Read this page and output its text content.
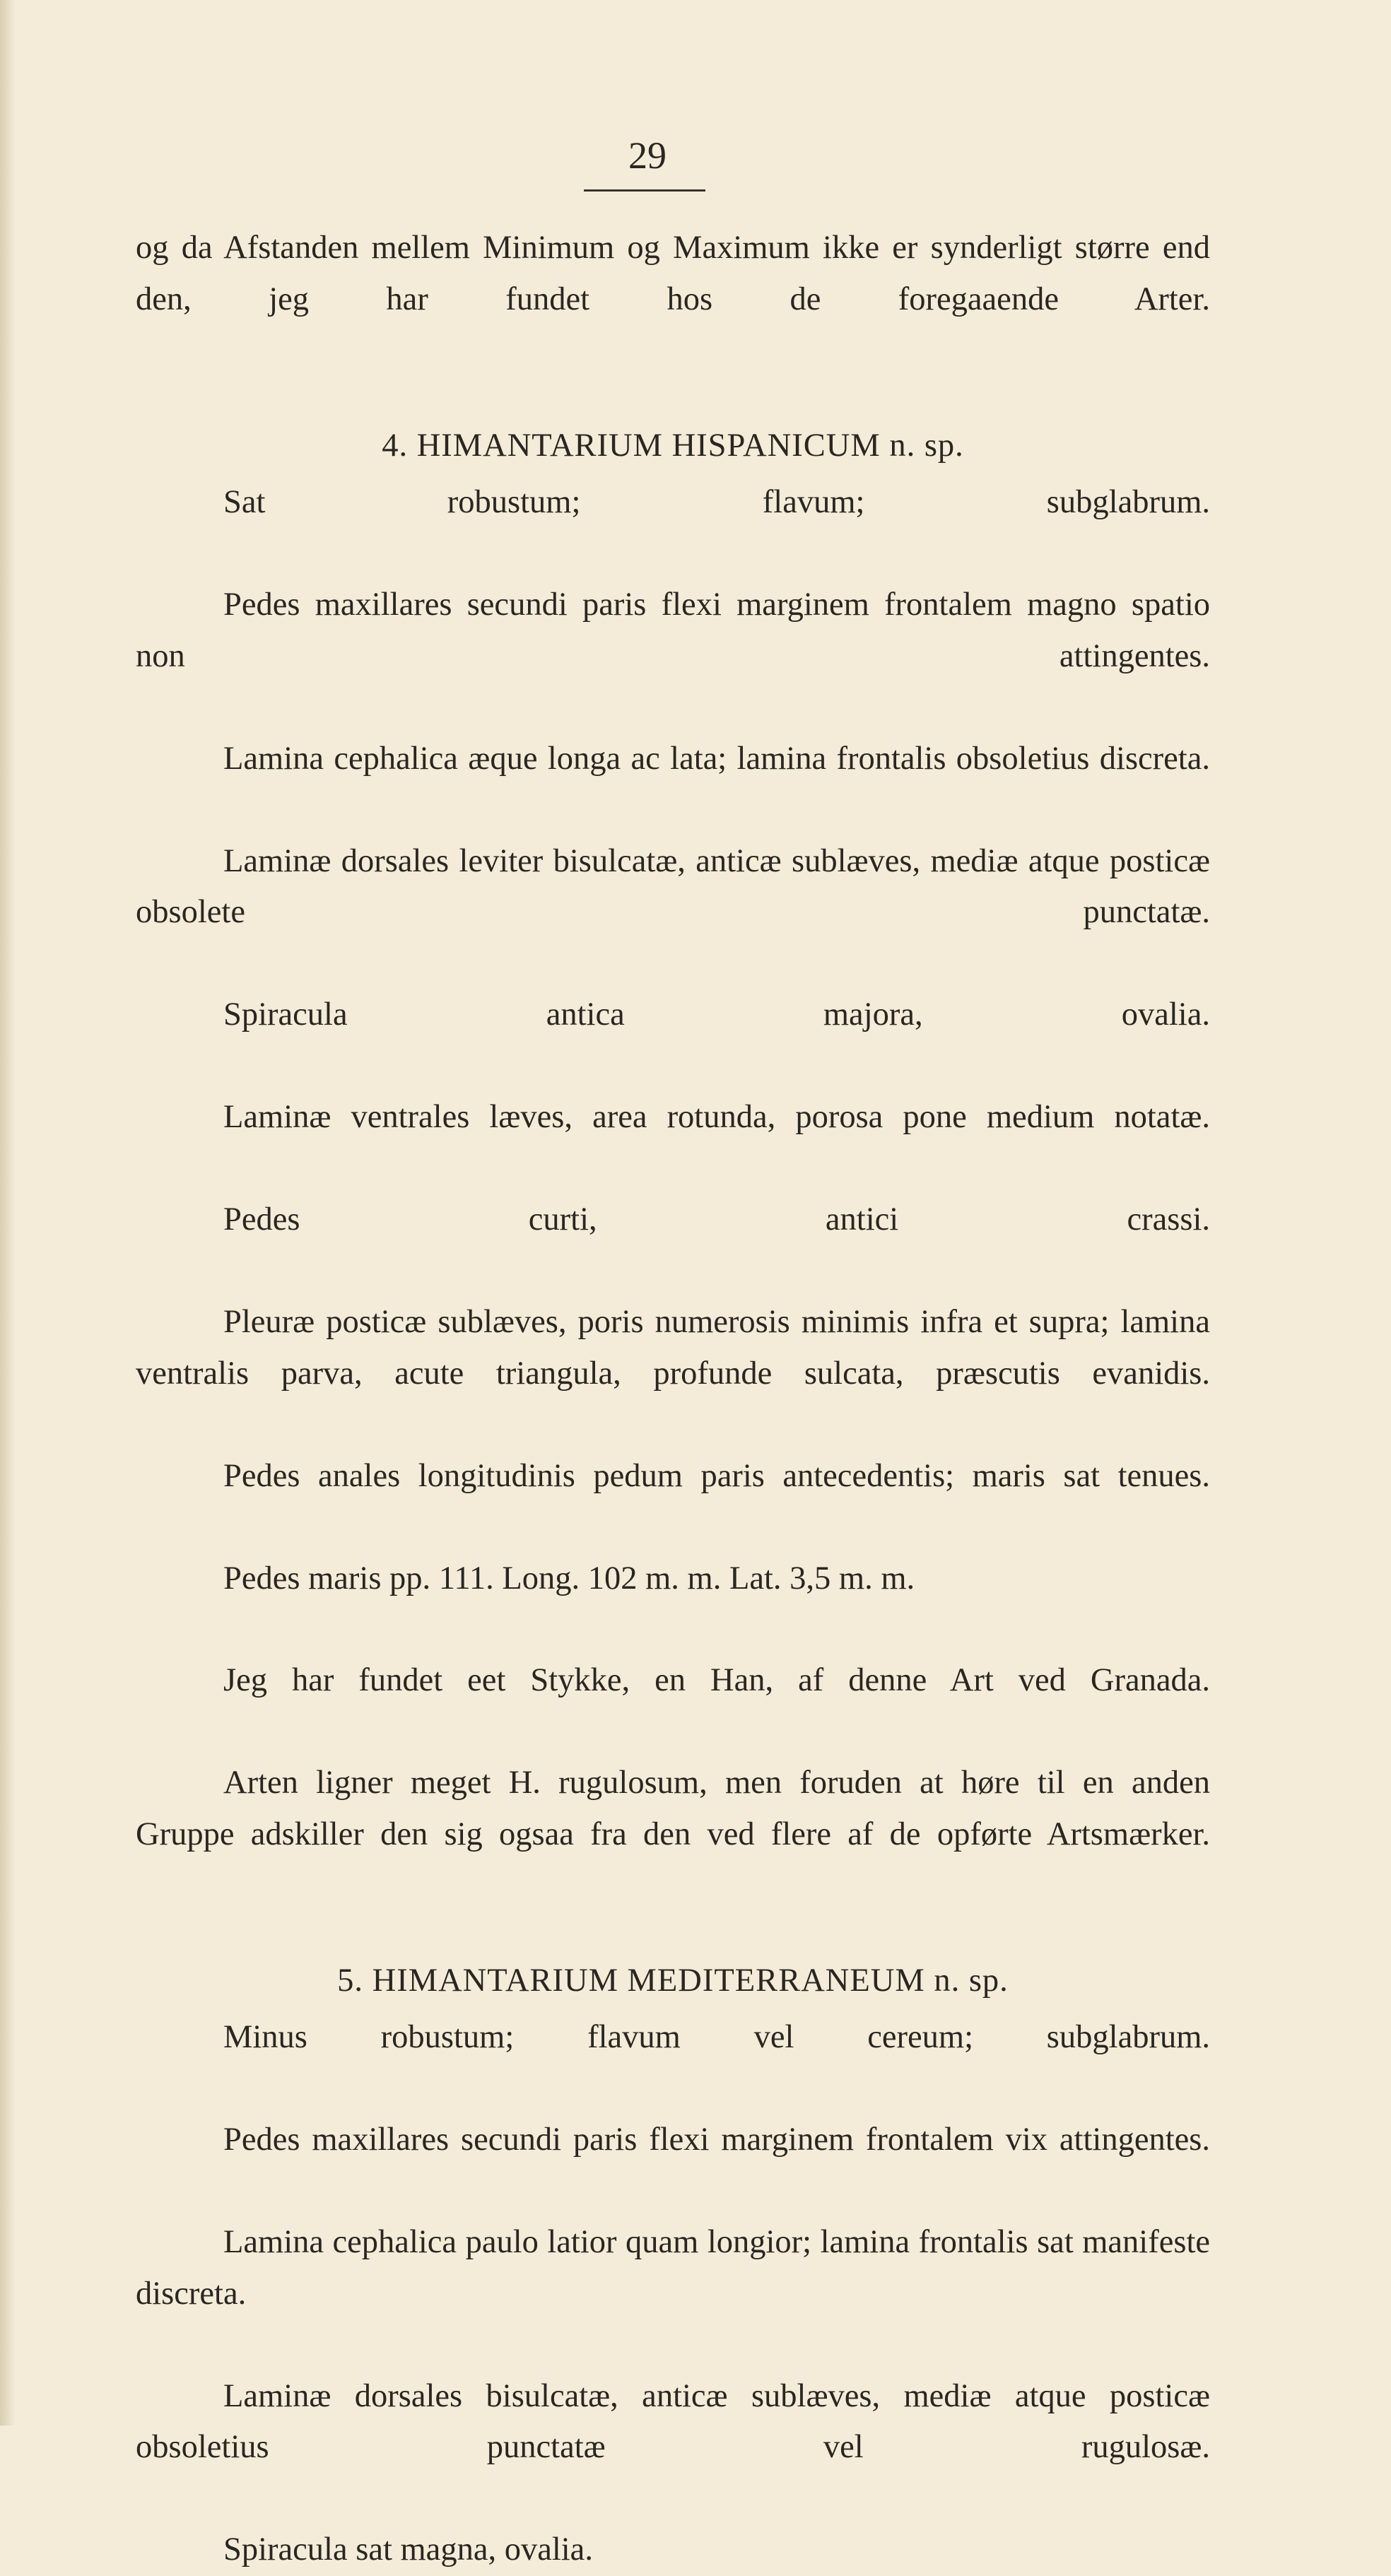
29

og da Afstanden mellem Minimum og Maximum ikke er synderligt større end den, jeg har fundet hos de foregaaende Arter.

4. HIMANTARIUM HISPANICUM n. sp.

Sat robustum; flavum; subglabrum.

Pedes maxillares secundi paris flexi marginem frontalem magno spatio non attingentes.

Lamina cephalica æque longa ac lata; lamina frontalis obsoletius discreta.

Laminæ dorsales leviter bisulcatæ, anticæ sublæves, mediæ atque posticæ obsolete punctatæ.

Spiracula antica majora, ovalia.

Laminæ ventrales læves, area rotunda, porosa pone medium notatæ.

Pedes curti, antici crassi.

Pleuræ posticæ sublæves, poris numerosis minimis infra et supra; lamina ventralis parva, acute triangula, profunde sulcata, præscutis evanidis.

Pedes anales longitudinis pedum paris antecedentis; maris sat tenues.

Pedes maris pp. 111. Long. 102 m. m. Lat. 3,5 m. m.

Jeg har fundet eet Stykke, en Han, af denne Art ved Granada.

Arten ligner meget H. rugulosum, men foruden at høre til en anden Gruppe adskiller den sig ogsaa fra den ved flere af de opførte Artsmærker.

5. HIMANTARIUM MEDITERRANEUM n. sp.

Minus robustum; flavum vel cereum; subglabrum.

Pedes maxillares secundi paris flexi marginem frontalem vix attingentes.

Lamina cephalica paulo latior quam longior; lamina frontalis sat manifeste discreta.

Laminæ dorsales bisulcatæ, anticæ sublæves, mediæ atque posticæ obsoletius punctatæ vel rugulosæ.

Spiracula sat magna, ovalia.
